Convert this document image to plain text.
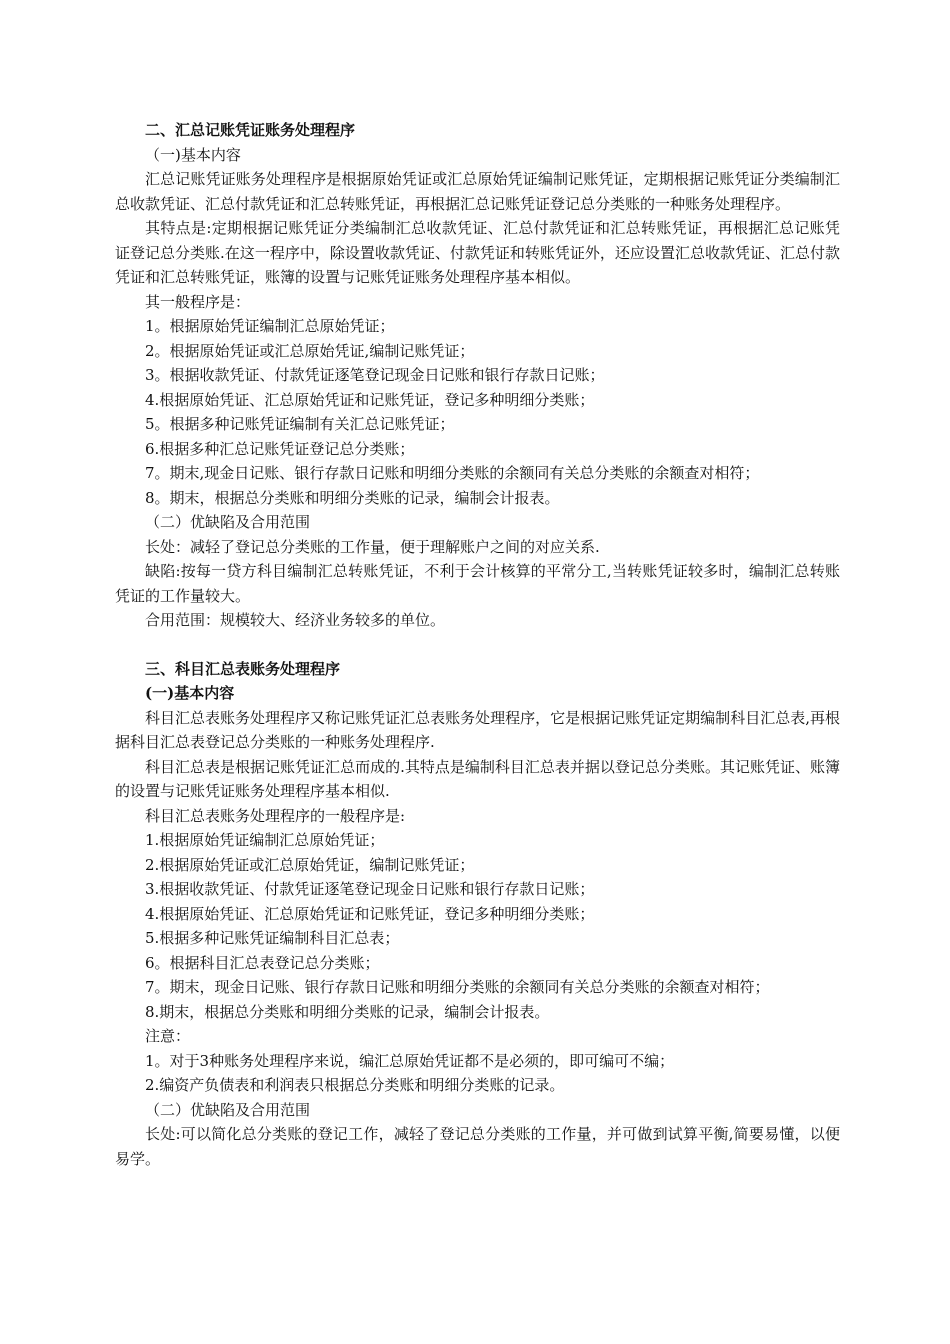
二、汇总记账凭证账务处理程序

（一)基本内容

汇总记账凭证账务处理程序是根据原始凭证或汇总原始凭证编制记账凭证，定期根据记账凭证分类编制汇总收款凭证、汇总付款凭证和汇总转账凭证，再根据汇总记账凭证登记总分类账的一种账务处理程序。

其特点是:定期根据记账凭证分类编制汇总收款凭证、汇总付款凭证和汇总转账凭证，再根据汇总记账凭证登记总分类账.在这一程序中，除设置收款凭证、付款凭证和转账凭证外，还应设置汇总收款凭证、汇总付款凭证和汇总转账凭证，账簿的设置与记账凭证账务处理程序基本相似。

其一般程序是：

1。根据原始凭证编制汇总原始凭证；

2。根据原始凭证或汇总原始凭证,编制记账凭证；

3。根据收款凭证、付款凭证逐笔登记现金日记账和银行存款日记账；

4.根据原始凭证、汇总原始凭证和记账凭证，登记多种明细分类账；

5。根据多种记账凭证编制有关汇总记账凭证；

6.根据多种汇总记账凭证登记总分类账；

7。期末,现金日记账、银行存款日记账和明细分类账的余额同有关总分类账的余额查对相符；

8。期末，根据总分类账和明细分类账的记录，编制会计报表。

（二）优缺陷及合用范围

长处：减轻了登记总分类账的工作量，便于理解账户之间的对应关系.

缺陷:按每一贷方科目编制汇总转账凭证，不利于会计核算的平常分工,当转账凭证较多时，编制汇总转账凭证的工作量较大。

合用范围：规模较大、经济业务较多的单位。

三、科目汇总表账务处理程序

(一)基本内容

科目汇总表账务处理程序又称记账凭证汇总表账务处理程序，它是根据记账凭证定期编制科目汇总表,再根据科目汇总表登记总分类账的一种账务处理程序.

科目汇总表是根据记账凭证汇总而成的.其特点是编制科目汇总表并据以登记总分类账。其记账凭证、账簿的设置与记账凭证账务处理程序基本相似.

科目汇总表账务处理程序的一般程序是:

1.根据原始凭证编制汇总原始凭证；

2.根据原始凭证或汇总原始凭证，编制记账凭证；

3.根据收款凭证、付款凭证逐笔登记现金日记账和银行存款日记账；

4.根据原始凭证、汇总原始凭证和记账凭证，登记多种明细分类账；

5.根据多种记账凭证编制科目汇总表；

6。根据科目汇总表登记总分类账；

7。期末，现金日记账、银行存款日记账和明细分类账的余额同有关总分类账的余额查对相符；

8.期末，根据总分类账和明细分类账的记录，编制会计报表。

注意：

1。对于3种账务处理程序来说，编汇总原始凭证都不是必须的，即可编可不编；

2.编资产负债表和利润表只根据总分类账和明细分类账的记录。

（二）优缺陷及合用范围

长处:可以简化总分类账的登记工作，减轻了登记总分类账的工作量，并可做到试算平衡,简要易懂，以便易学。
